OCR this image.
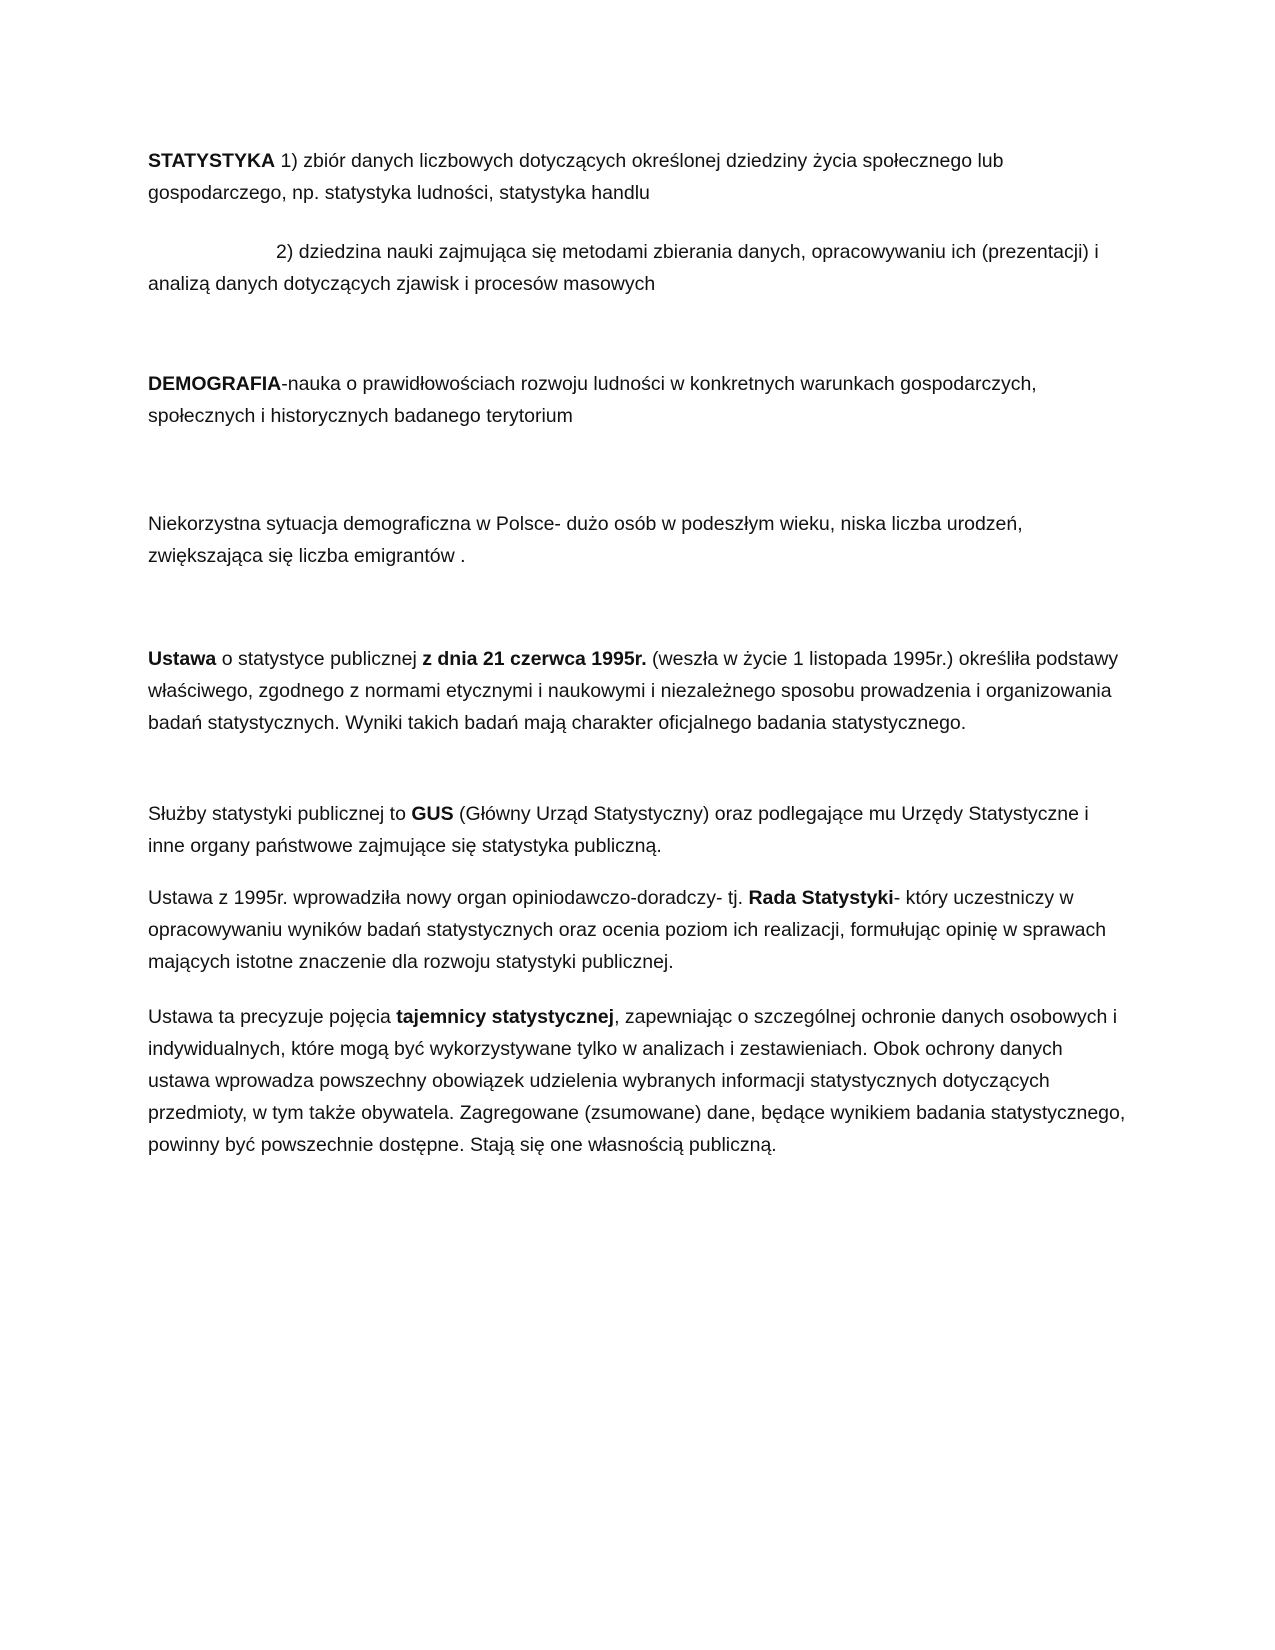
STATYSTYKA 1) zbiór danych liczbowych dotyczących określonej dziedziny życia społecznego lub gospodarczego, np. statystyka ludności, statystyka handlu

2) dziedzina nauki zajmująca się metodami zbierania danych, opracowywaniu ich (prezentacji) i analizą danych dotyczących zjawisk i procesów masowych

DEMOGRAFIA-nauka o prawidłowościach rozwoju ludności w konkretnych warunkach gospodarczych, społecznych i historycznych badanego terytorium

Niekorzystna sytuacja demograficzna w Polsce- dużo osób w podeszłym wieku, niska liczba urodzeń, zwiększająca się liczba emigrantów .

Ustawa o statystyce publicznej z dnia 21 czerwca 1995r. (weszła w życie 1 listopada 1995r.) określiła podstawy właściwego, zgodnego z normami etycznymi i naukowymi i niezależnego sposobu prowadzenia i organizowania badań statystycznych. Wyniki takich badań mają charakter oficjalnego badania statystycznego.

Służby statystyki publicznej to GUS (Główny Urząd Statystyczny) oraz podlegające mu Urzędy Statystyczne i inne organy państwowe zajmujące się statystyka publiczną.

Ustawa z 1995r. wprowadziła nowy organ opiniodawczo-doradczy- tj. Rada Statystyki- który uczestniczy w opracowywaniu wyników badań statystycznych oraz ocenia poziom ich realizacji, formułując opinię w sprawach mających istotne znaczenie dla rozwoju statystyki publicznej.

Ustawa ta precyzuje pojęcia tajemnicy statystycznej, zapewniając o szczególnej ochronie danych osobowych i indywidualnych, które mogą być wykorzystywane tylko w analizach i zestawieniach. Obok ochrony danych ustawa wprowadza powszechny obowiązek udzielenia wybranych informacji statystycznych dotyczących przedmioty, w tym także obywatela. Zagregowane (zsumowane) dane, będące wynikiem badania statystycznego, powinny być powszechnie dostępne. Stają się one własnością publiczną.
